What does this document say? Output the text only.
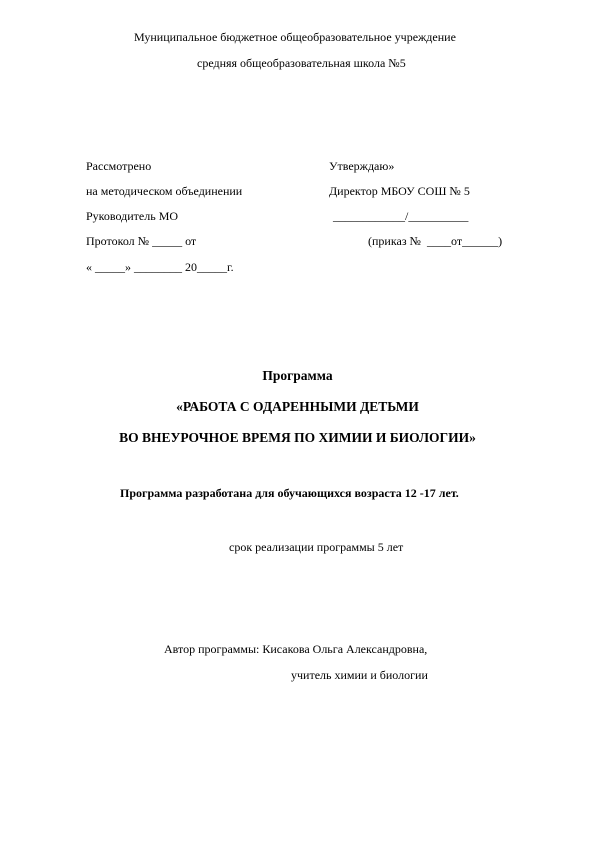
Муниципальное бюджетное общеобразовательное учреждение
средняя общеобразовательная школа №5
Рассмотрено
на методическом объединении
Руководитель МО
Протокол № _____ от
« _____» ________ 20_____г.
Утверждаю»
Директор МБОУ СОШ № 5
____________/__________
(приказ №  ____от______)
Программа
«РАБОТА С ОДАРЕННЫМИ ДЕТЬМИ
ВО ВНЕУРОЧНОЕ ВРЕМЯ ПО ХИМИИ И БИОЛОГИИ»
Программа разработана для обучающихся возраста 12 -17 лет.
срок реализации программы 5 лет
Автор программы: Кисакова Ольга Александровна,
учитель химии и биологии
